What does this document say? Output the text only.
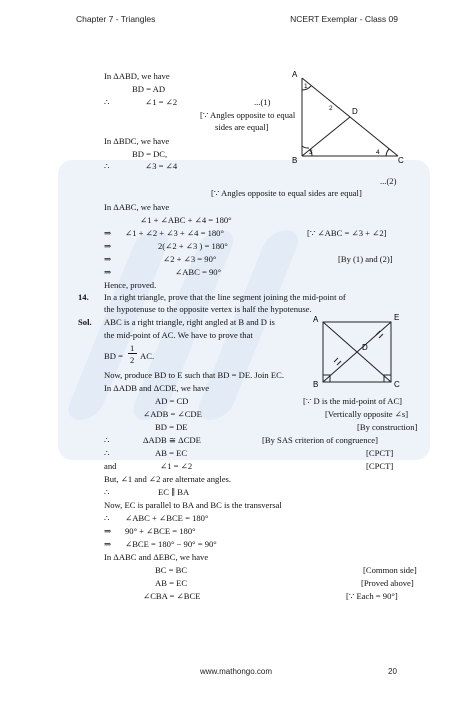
Chapter 7 - Triangles	NCERT Exemplar - Class 09
In ΔABD, we have
BD = AD
∴	∠1 = ∠2	...(1)
[∵ Angles opposite to equal
sides are equal]
In ΔBDC, we have
BD = DC,
∴	∠3 = ∠4
...(2)
[∵ Angles opposite to equal sides are equal]
In ΔABC, we have
∠1 + ∠ABC + ∠4 = 180°
⇒ ∠1 + ∠2 + ∠3 + ∠4 = 180°	[∵ ∠ABC = ∠3 + ∠2]
⇒	2(∠2 + ∠3 ) = 180°
⇒	∠2 + ∠3 = 90°	[By (1) and (2)]
⇒	∠ABC = 90°
Hence, proved.
14. In a right triangle, prove that the line segment joining the mid-point of
the hypotenuse to the opposite vertex is half the hypotenuse.
Sol. ABC is a right triangle, right angled at B and D is
the mid-point of AC. We have to prove that
BD = AC.
Now, produce BD to E such that BD = DE. Join EC.
In ΔADB and ΔCDE, we have
AD = CD	[∵ D is the mid-point of AC]
∠ADB = ∠CDE	[Vertically opposite ∠s]
BD = DE	[By construction]
∴	ΔADB ≅ ΔCDE	[By SAS criterion of congruence]
∴	AB = EC	[CPCT]
and	∠1 = ∠2	[CPCT]
But, ∠1 and ∠2 are alternate angles.
∴	EC ∥ BA
Now, EC is parallel to BA and BC is the transversal
∴ ∠ABC + ∠BCE = 180°
⇒ 90° + ∠BCE = 180°
⇒ ∠BCE = 180° − 90° = 90°
In ΔABC and ΔEBC, we have
BC = BC	[Common side]
AB = EC	[Proved above]
∠CBA = ∠BCE	[∵ Each = 90°]
1
2
A
B	C
D
1
2
3	4
A
B	C
D
E
www.mathongo.com	20
